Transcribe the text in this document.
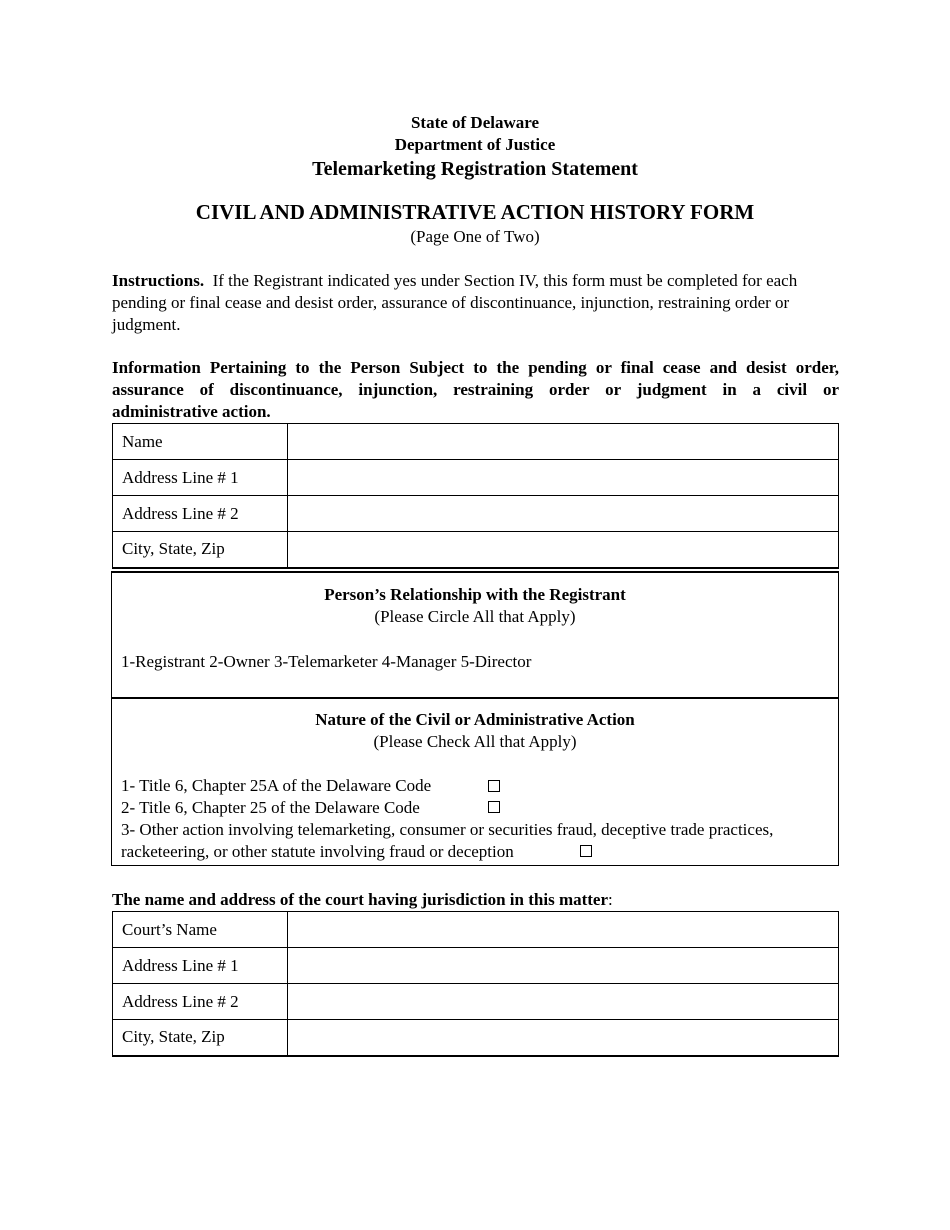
State of Delaware
Department of Justice
Telemarketing Registration Statement
CIVIL AND ADMINISTRATIVE ACTION HISTORY FORM
(Page One of Two)
Instructions. If the Registrant indicated yes under Section IV, this form must be completed for each pending or final cease and desist order, assurance of discontinuance, injunction, restraining order or judgment.
Information Pertaining to the Person Subject to the pending or final cease and desist order,
assurance of discontinuance, injunction, restraining order or judgment in a civil or
administrative action.
Name	
Address Line # 1	
Address Line # 2	
City, State, Zip	
Person’s Relationship with the Registrant
(Please Circle All that Apply)
1-Registrant 2-Owner 3-Telemarketer 4-Manager 5-Director
Nature of the Civil or Administrative Action
(Please Check All that Apply)
1- Title 6, Chapter 25A of the Delaware Code
2- Title 6, Chapter 25 of the Delaware Code
3- Other action involving telemarketing, consumer or securities fraud, deceptive trade practices,
racketeering, or other statute involving fraud or deception
The name and address of the court having jurisdiction in this matter:
Court’s Name	
Address Line # 1	
Address Line # 2	
City, State, Zip	
